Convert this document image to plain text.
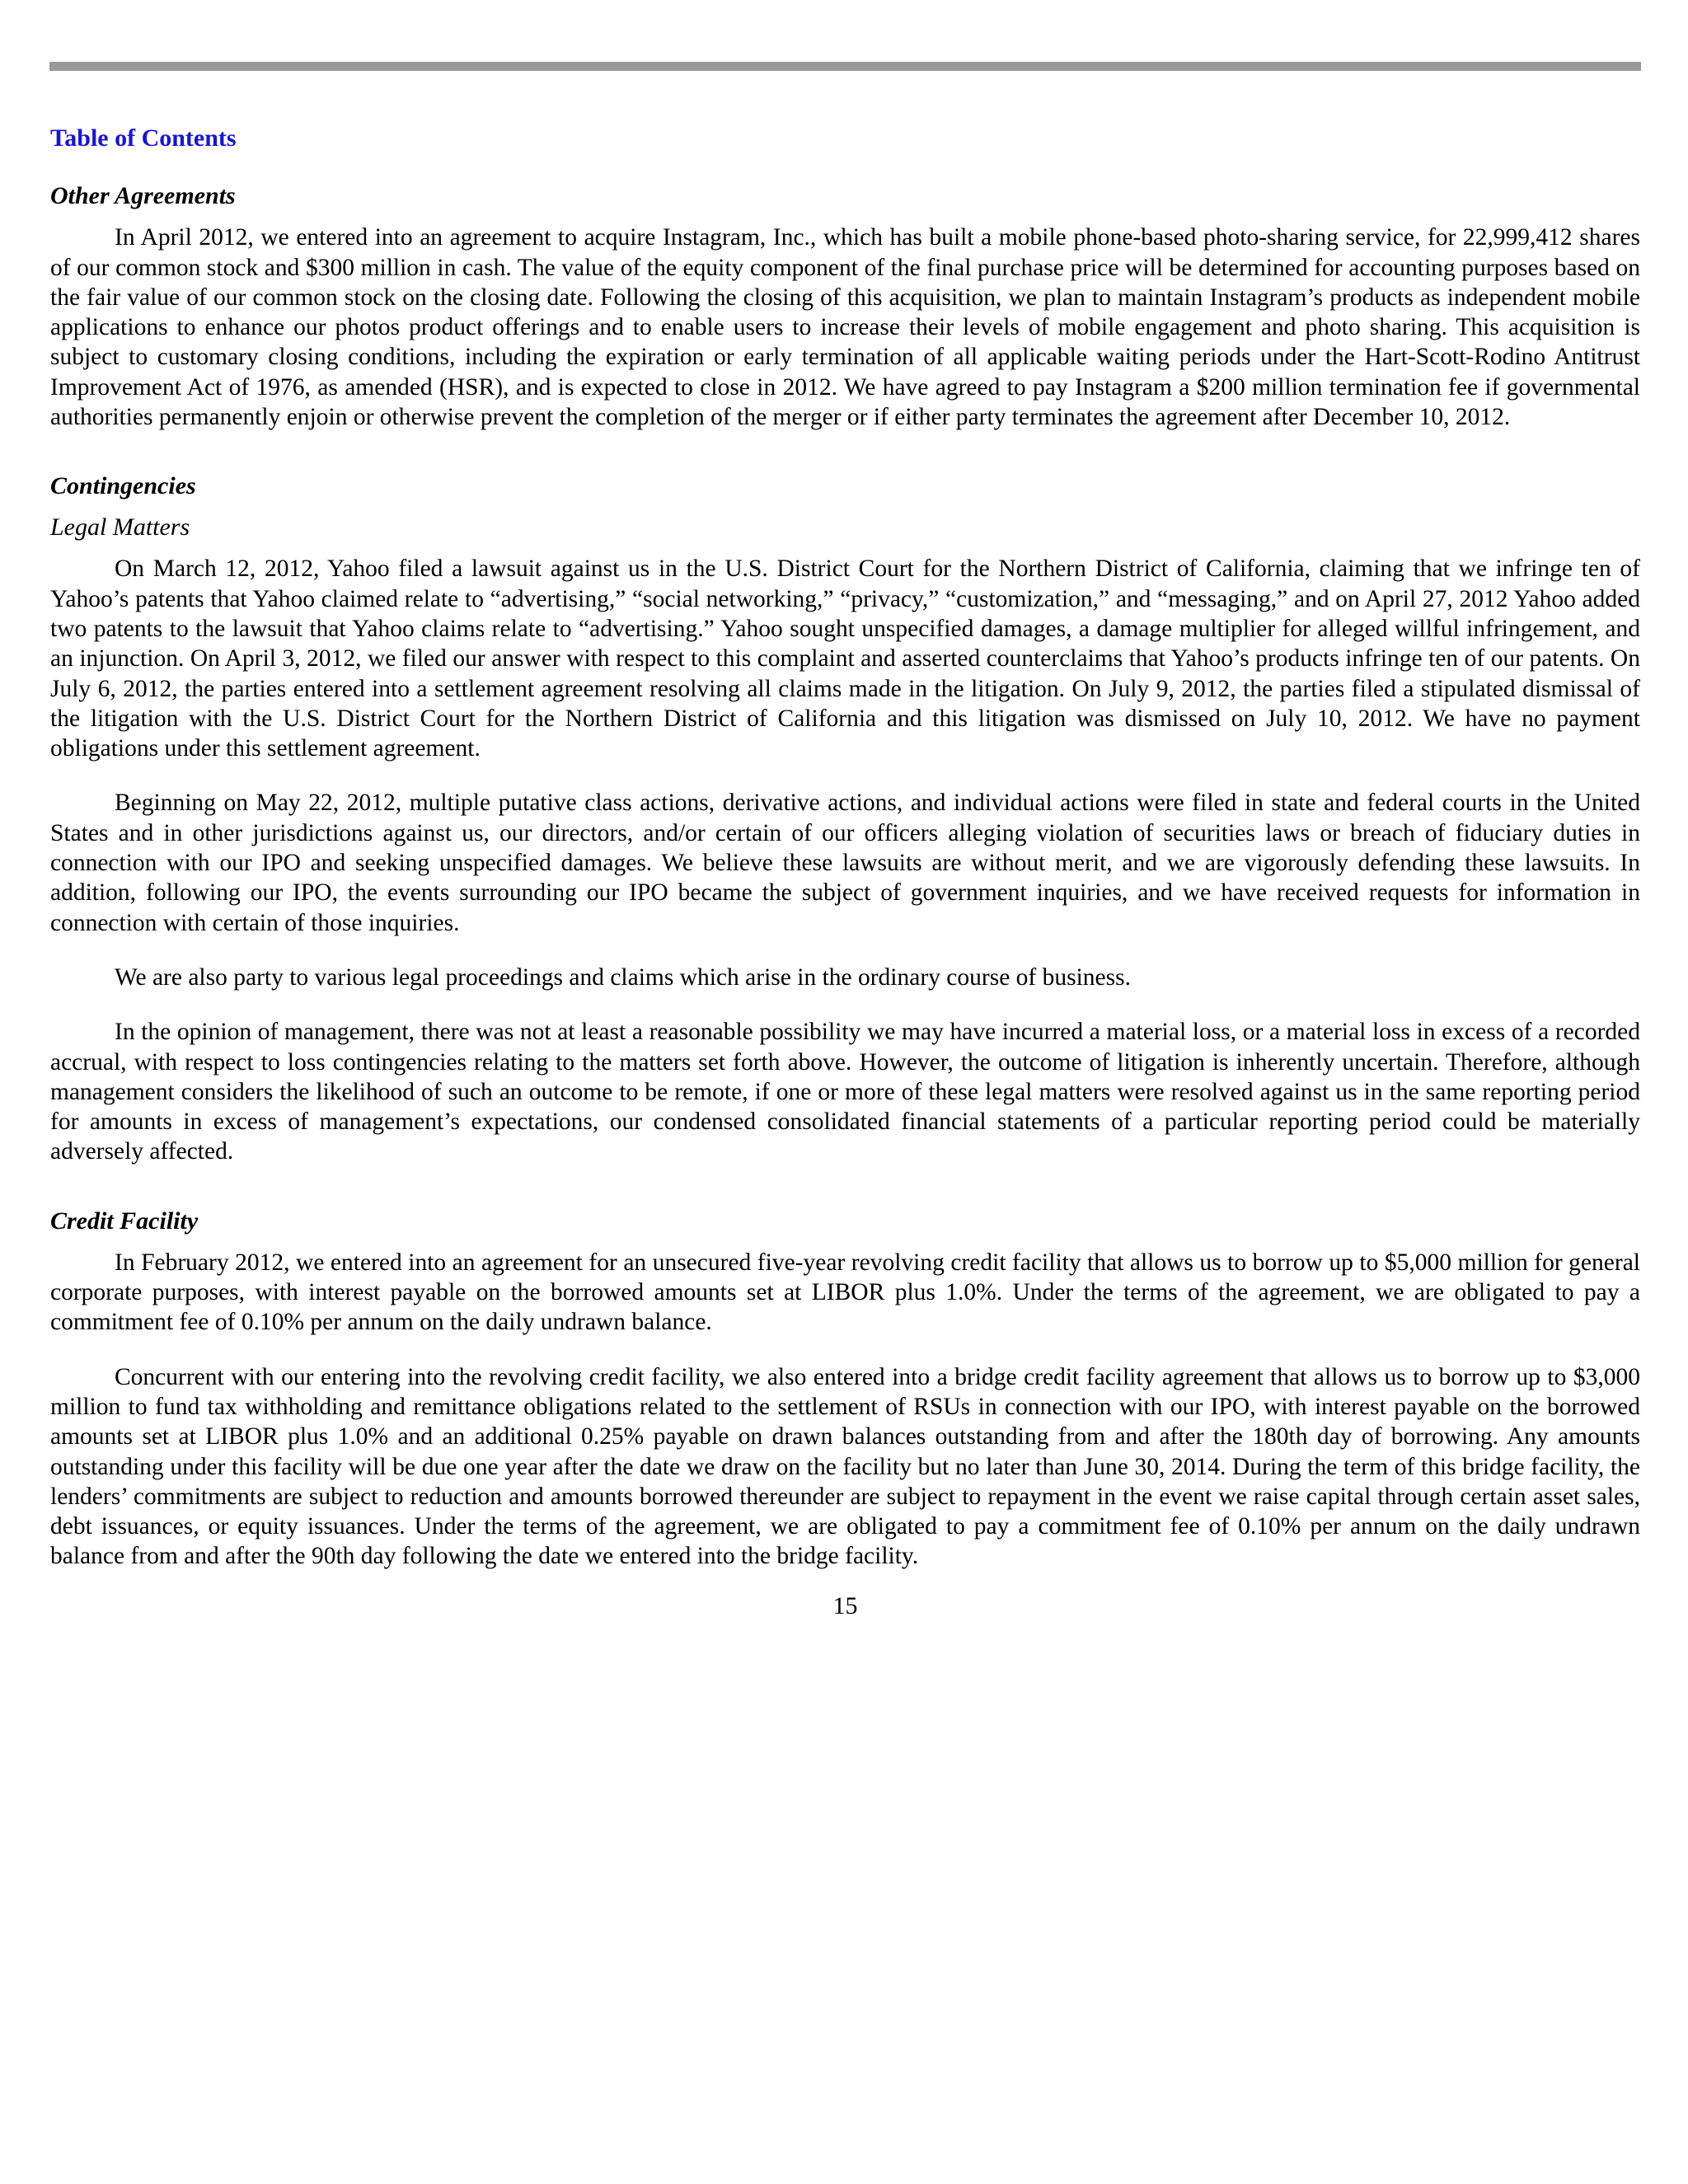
Table of Contents
Other Agreements

In April 2012, we entered into an agreement to acquire Instagram, Inc., which has built a mobile phone-based photo-sharing service, for 22,999,412 shares of our common stock and $300 million in cash. The value of the equity component of the final purchase price will be determined for accounting purposes based on the fair value of our common stock on the closing date. Following the closing of this acquisition, we plan to maintain Instagram’s products as independent mobile applications to enhance our photos product offerings and to enable users to increase their levels of mobile engagement and photo sharing. This acquisition is subject to customary closing conditions, including the expiration or early termination of all applicable waiting periods under the Hart-Scott-Rodino Antitrust Improvement Act of 1976, as amended (HSR), and is expected to close in 2012. We have agreed to pay Instagram a $200 million termination fee if governmental authorities permanently enjoin or otherwise prevent the completion of the merger or if either party terminates the agreement after December 10, 2012.

Contingencies
Legal Matters

On March 12, 2012, Yahoo filed a lawsuit against us in the U.S. District Court for the Northern District of California, claiming that we infringe ten of Yahoo’s patents that Yahoo claimed relate to “advertising,” “social networking,” “privacy,” “customization,” and “messaging,” and on April 27, 2012 Yahoo added two patents to the lawsuit that Yahoo claims relate to “advertising.” Yahoo sought unspecified damages, a damage multiplier for alleged willful infringement, and an injunction. On April 3, 2012, we filed our answer with respect to this complaint and asserted counterclaims that Yahoo’s products infringe ten of our patents. On July 6, 2012, the parties entered into a settlement agreement resolving all claims made in the litigation. On July 9, 2012, the parties filed a stipulated dismissal of the litigation with the U.S. District Court for the Northern District of California and this litigation was dismissed on July 10, 2012. We have no payment obligations under this settlement agreement.

Beginning on May 22, 2012, multiple putative class actions, derivative actions, and individual actions were filed in state and federal courts in the United States and in other jurisdictions against us, our directors, and/or certain of our officers alleging violation of securities laws or breach of fiduciary duties in connection with our IPO and seeking unspecified damages. We believe these lawsuits are without merit, and we are vigorously defending these lawsuits. In addition, following our IPO, the events surrounding our IPO became the subject of government inquiries, and we have received requests for information in connection with certain of those inquiries.

We are also party to various legal proceedings and claims which arise in the ordinary course of business.

In the opinion of management, there was not at least a reasonable possibility we may have incurred a material loss, or a material loss in excess of a recorded accrual, with respect to loss contingencies relating to the matters set forth above. However, the outcome of litigation is inherently uncertain. Therefore, although management considers the likelihood of such an outcome to be remote, if one or more of these legal matters were resolved against us in the same reporting period for amounts in excess of management’s expectations, our condensed consolidated financial statements of a particular reporting period could be materially adversely affected.

Credit Facility

In February 2012, we entered into an agreement for an unsecured five-year revolving credit facility that allows us to borrow up to $5,000 million for general corporate purposes, with interest payable on the borrowed amounts set at LIBOR plus 1.0%. Under the terms of the agreement, we are obligated to pay a commitment fee of 0.10% per annum on the daily undrawn balance.

Concurrent with our entering into the revolving credit facility, we also entered into a bridge credit facility agreement that allows us to borrow up to $3,000 million to fund tax withholding and remittance obligations related to the settlement of RSUs in connection with our IPO, with interest payable on the borrowed amounts set at LIBOR plus 1.0% and an additional 0.25% payable on drawn balances outstanding from and after the 180th day of borrowing. Any amounts outstanding under this facility will be due one year after the date we draw on the facility but no later than June 30, 2014. During the term of this bridge facility, the lenders’ commitments are subject to reduction and amounts borrowed thereunder are subject to repayment in the event we raise capital through certain asset sales, debt issuances, or equity issuances. Under the terms of the agreement, we are obligated to pay a commitment fee of 0.10% per annum on the daily undrawn balance from and after the 90th day following the date we entered into the bridge facility.

15
